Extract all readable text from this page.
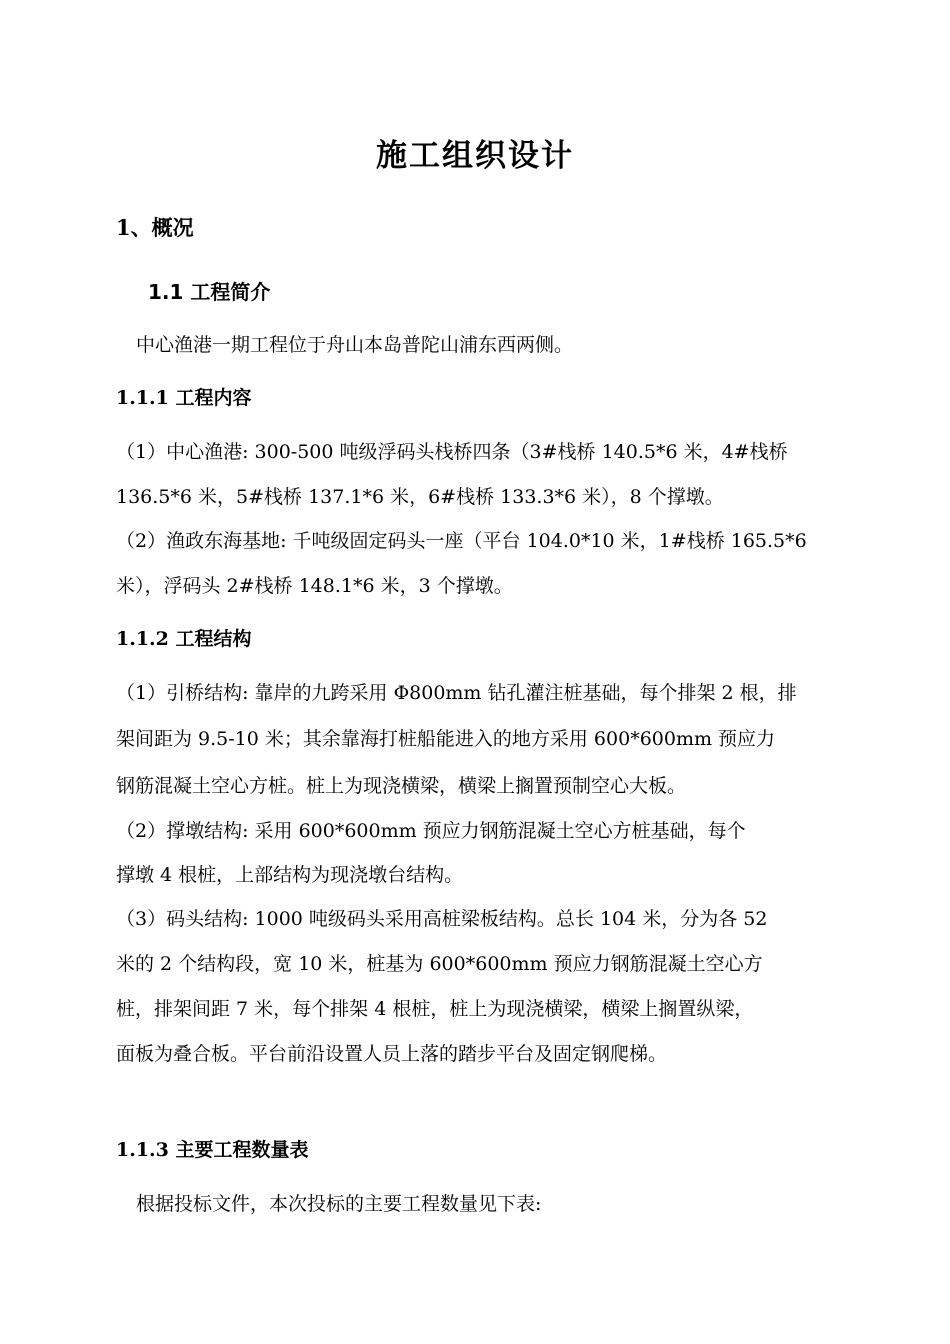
施工组织设计
1、概况
1.1 工程简介
中心渔港一期工程位于舟山本岛普陀山浦东西两侧。
1.1.1 工程内容
（1）中心渔港: 300-500 吨级浮码头栈桥四条（3#栈桥 140.5*6 米，4#栈桥
136.5*6 米，5#栈桥 137.1*6 米，6#栈桥 133.3*6 米），8 个撑墩。
（2）渔政东海基地: 千吨级固定码头一座（平台 104.0*10 米，1#栈桥 165.5*6
米），浮码头 2#栈桥 148.1*6 米，3 个撑墩。
1.1.2 工程结构
（1）引桥结构: 靠岸的九跨采用 Φ800mm 钻孔灌注桩基础，每个排架 2 根，排
架间距为 9.5-10 米；其余靠海打桩船能进入的地方采用 600*600mm 预应力
钢筋混凝土空心方桩。桩上为现浇横梁，横梁上搁置预制空心大板。
（2）撑墩结构: 采用 600*600mm 预应力钢筋混凝土空心方桩基础，每个
撑墩 4 根桩，上部结构为现浇墩台结构。
（3）码头结构: 1000 吨级码头采用高桩梁板结构。总长 104 米，分为各 52
米的 2 个结构段，宽 10 米，桩基为 600*600mm 预应力钢筋混凝土空心方
桩，排架间距 7 米，每个排架 4 根桩，桩上为现浇横梁，横梁上搁置纵梁，
面板为叠合板。平台前沿设置人员上落的踏步平台及固定钢爬梯。
1.1.3 主要工程数量表
根据投标文件，本次投标的主要工程数量见下表:
